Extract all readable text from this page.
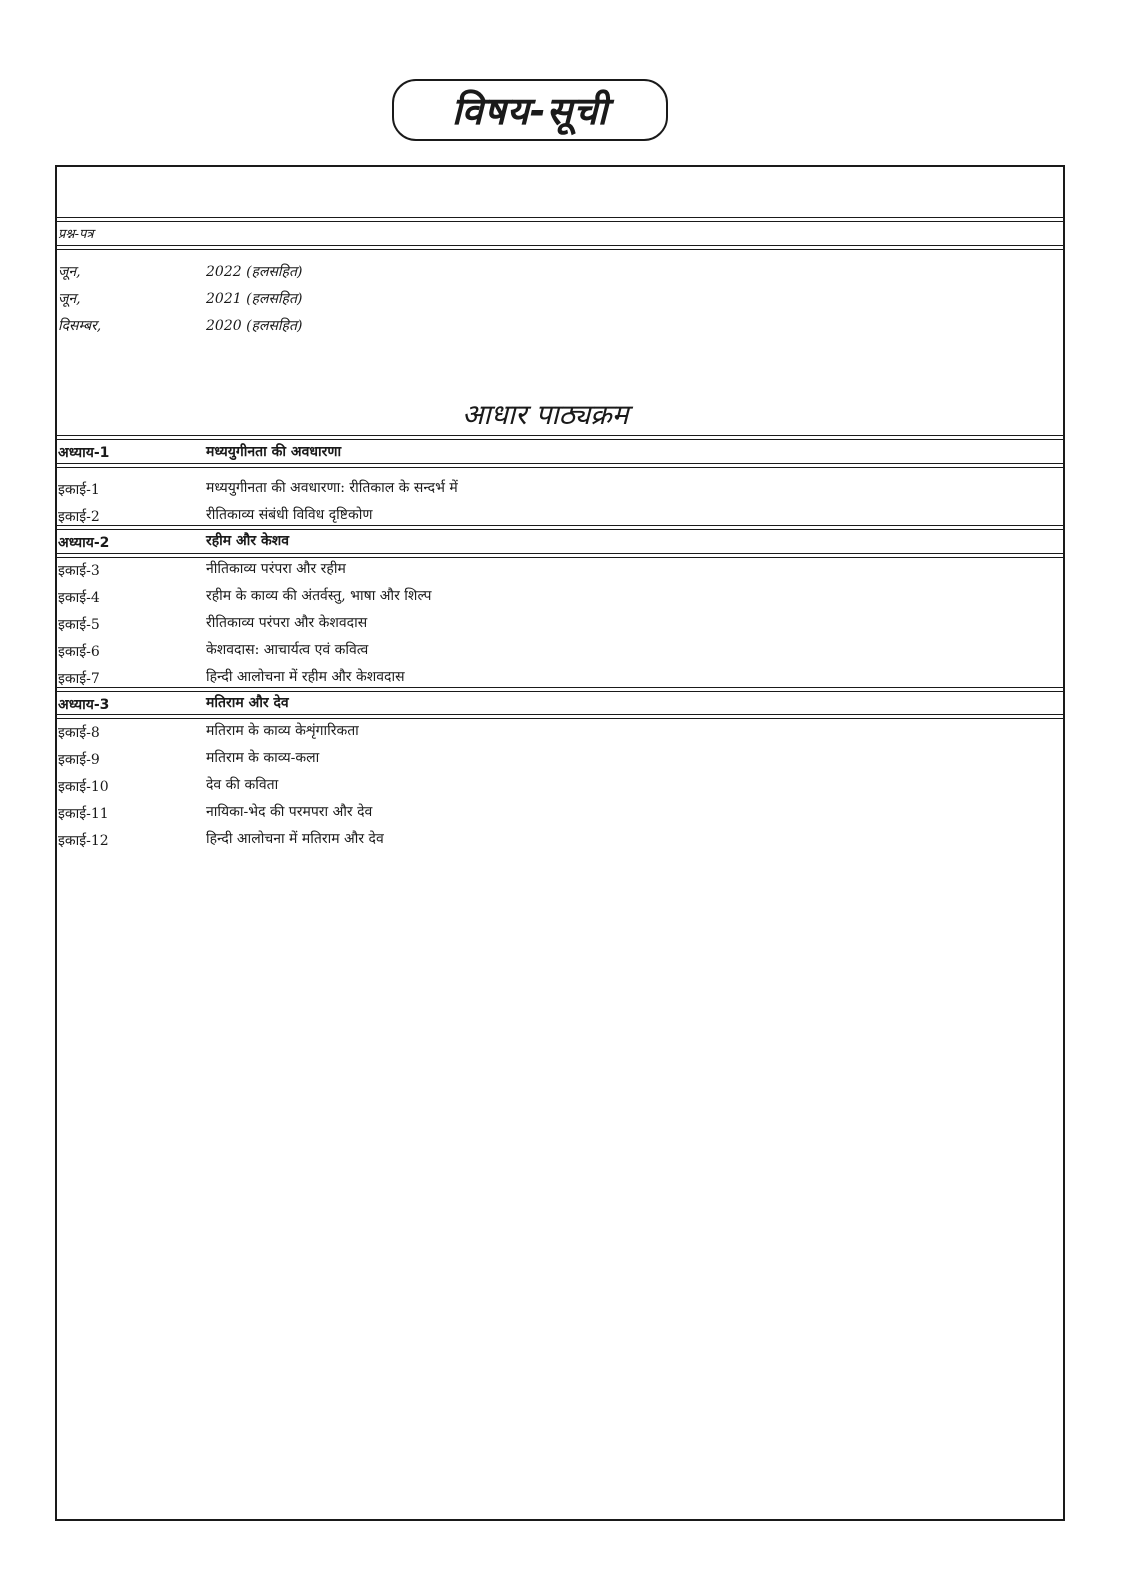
विषय-सूची
प्रश्न-पत्र
जून,	2022 (हलसहित)
जून,	2021 (हलसहित)
दिसम्बर,	2020 (हलसहित)
आधार पाठ्यक्रम
अध्याय-1	मध्ययुगीनता की अवधारणा
इकाई-1	मध्ययुगीनता की अवधारणा: रीतिकाल के सन्दर्भ में
इकाई-2	रीतिकाव्य संबंधी विविध दृष्टिकोण
अध्याय-2	रहीम और केशव
इकाई-3	नीतिकाव्य परंपरा और रहीम
इकाई-4	रहीम के काव्य की अंतर्वस्तु, भाषा और शिल्प
इकाई-5	रीतिकाव्य परंपरा और केशवदास
इकाई-6	केशवदास: आचार्यत्व एवं कवित्व
इकाई-7	हिन्दी आलोचना में रहीम और केशवदास
अध्याय-3	मतिराम और देव
इकाई-8	मतिराम के काव्य केशृंगारिकता
इकाई-9	मतिराम के काव्य-कला
इकाई-10	देव की कविता
इकाई-11	नायिका-भेद की परमपरा और देव
इकाई-12	हिन्दी आलोचना में मतिराम और देव
